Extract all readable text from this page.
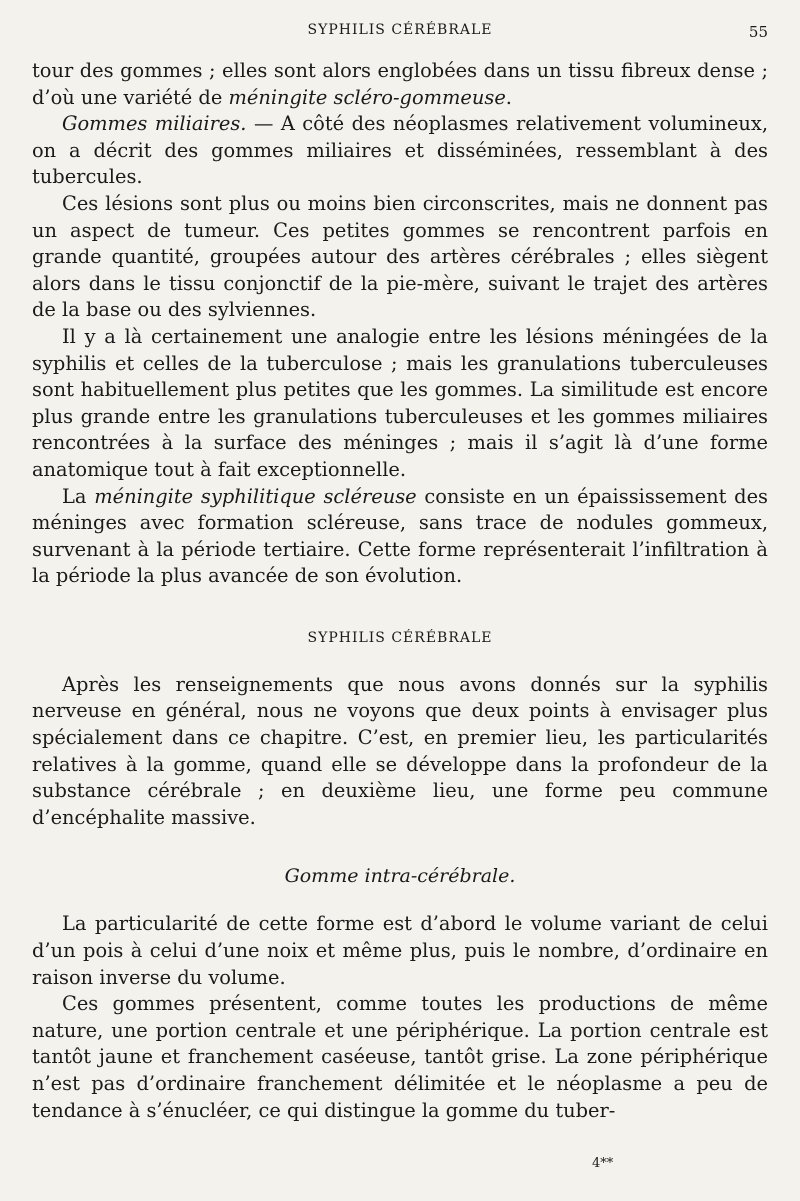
SYPHILIS CÉRÉBRALE	55

tour des gommes ; elles sont alors englobées dans un tissu fibreux dense ; d’où une variété de méningite scléro-gommeuse.

Gommes miliaires. — A côté des néoplasmes relativement volumineux, on a décrit des gommes miliaires et disséminées, ressemblant à des tubercules.

Ces lésions sont plus ou moins bien circonscrites, mais ne donnent pas un aspect de tumeur. Ces petites gommes se rencontrent parfois en grande quantité, groupées autour des artères cérébrales ; elles siègent alors dans le tissu conjonctif de la pie-mère, suivant le trajet des artères de la base ou des sylviennes.

Il y a là certainement une analogie entre les lésions méningées de la syphilis et celles de la tuberculose ; mais les granulations tuberculeuses sont habituellement plus petites que les gommes. La similitude est encore plus grande entre les granulations tuberculeuses et les gommes miliaires rencontrées à la surface des méninges ; mais il s’agit là d’une forme anatomique tout à fait exceptionnelle.

La méningite syphilitique scléreuse consiste en un épaississement des méninges avec formation scléreuse, sans trace de nodules gommeux, survenant à la période tertiaire. Cette forme représenterait l’infiltration à la période la plus avancée de son évolution.

SYPHILIS CÉRÉBRALE

Après les renseignements que nous avons donnés sur la syphilis nerveuse en général, nous ne voyons que deux points à envisager plus spécialement dans ce chapitre. C’est, en premier lieu, les particularités relatives à la gomme, quand elle se développe dans la profondeur de la substance cérébrale ; en deuxième lieu, une forme peu commune d’encéphalite massive.

Gomme intra-cérébrale.

La particularité de cette forme est d’abord le volume variant de celui d’un pois à celui d’une noix et même plus, puis le nombre, d’ordinaire en raison inverse du volume.

Ces gommes présentent, comme toutes les productions de même nature, une portion centrale et une périphérique. La portion centrale est tantôt jaune et franchement caséeuse, tantôt grise. La zone périphérique n’est pas d’ordinaire franchement délimitée et le néoplasme a peu de tendance à s’énucléer, ce qui distingue la gomme du tuber-

4**
